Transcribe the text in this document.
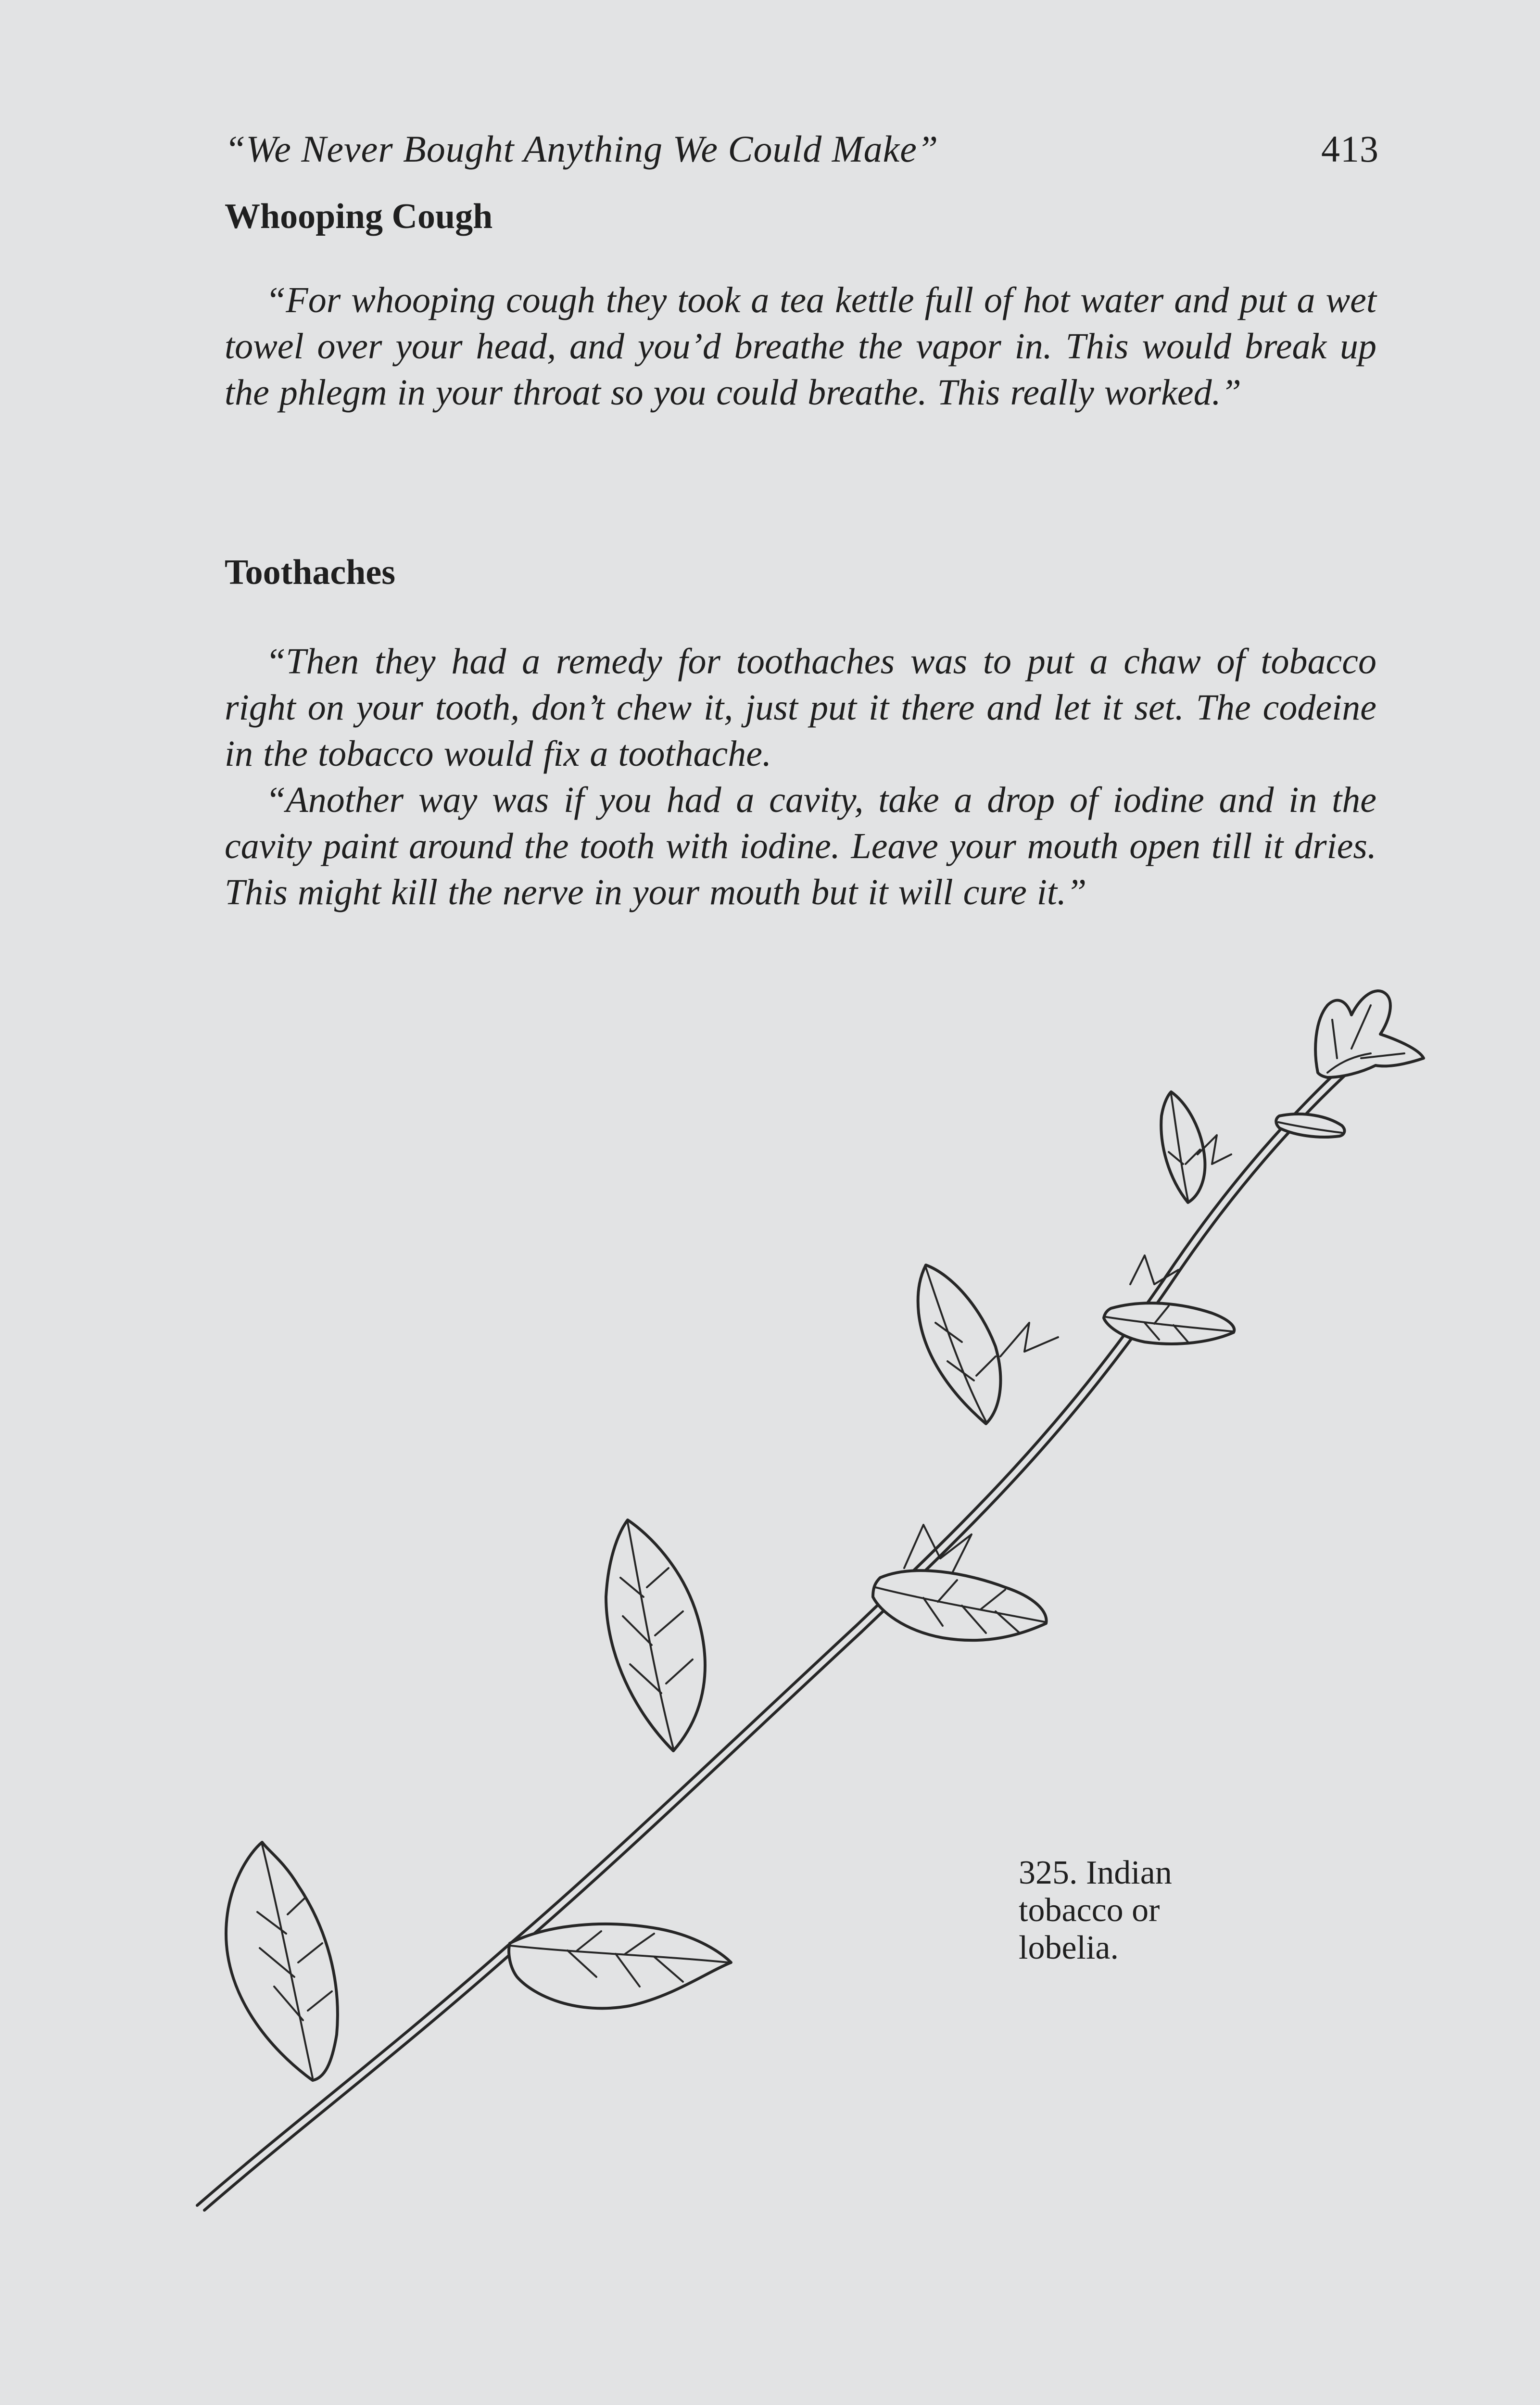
“We Never Bought Anything We Could Make”	413
Whooping Cough

“For whooping cough they took a tea kettle full of hot water and put a wet towel over your head, and you’d breathe the vapor in. This would break up the phlegm in your throat so you could breathe. This really worked.”

Toothaches

“Then they had a remedy for toothaches was to put a chaw of tobacco right on your tooth, don’t chew it, just put it there and let it set. The codeine in the tobacco would fix a toothache.

“Another way was if you had a cavity, take a drop of iodine and in the cavity paint around the tooth with iodine. Leave your mouth open till it dries. This might kill the nerve in your mouth but it will cure it.”

325. Indian tobacco or lobelia.
